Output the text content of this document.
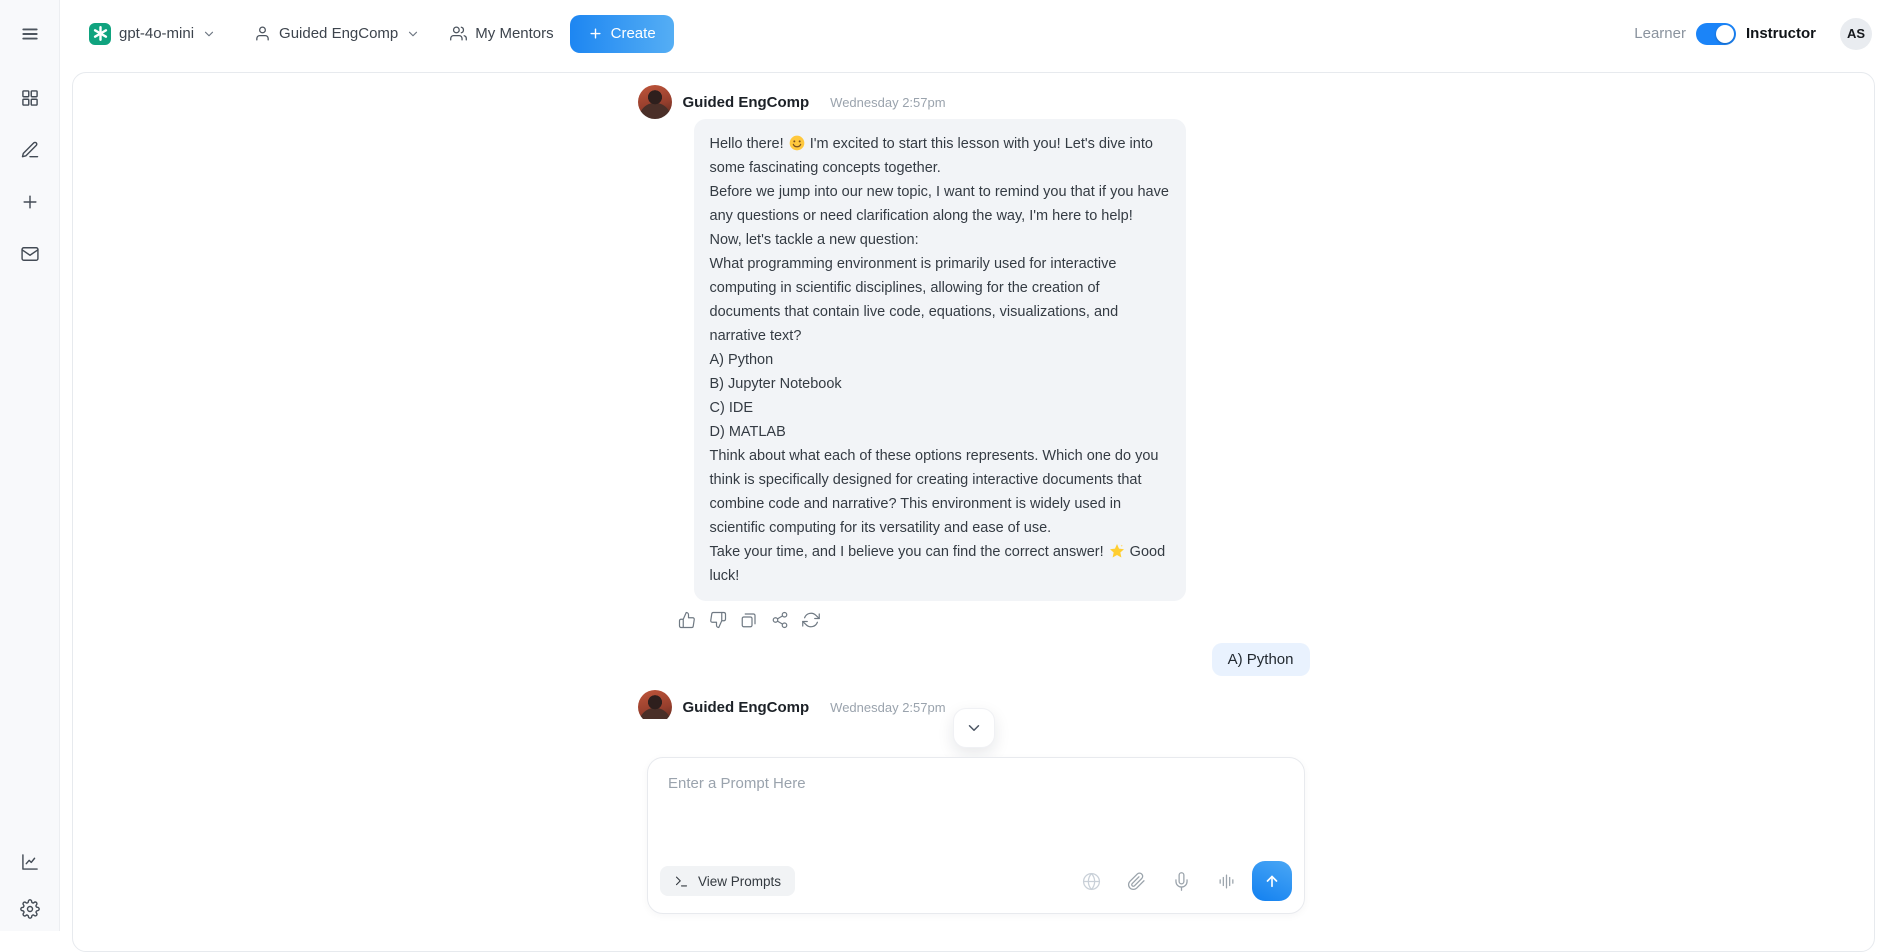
gpt-4o-mini	Guided EngComp	My Mentors	Create	Learner	Instructor	AS
Guided EngComp Wednesday 2:57pm

Hello there!
I'm excited to start this lesson with you! Let's dive into some fascinating concepts together.

Before we jump into our new topic, I want to remind you that if you have any questions or need clarification along the way, I'm here to help!

Now, let's tackle a new question:

What programming environment is primarily used for interactive computing in scientific disciplines, allowing for the creation of documents that contain live code, equations, visualizations, and narrative text?

A) Python

B) Jupyter Notebook

C) IDE

D) MATLAB

Think about what each of these options represents. Which one do you think is specifically designed for creating interactive documents that combine code and narrative? This environment is widely used in scientific computing for its versatility and ease of use.

Take your time, and I believe you can find the correct answer!
Good luck!

A) Python
Guided EngComp Wednesday 2:57pm

Enter a Prompt Here
View Prompts
